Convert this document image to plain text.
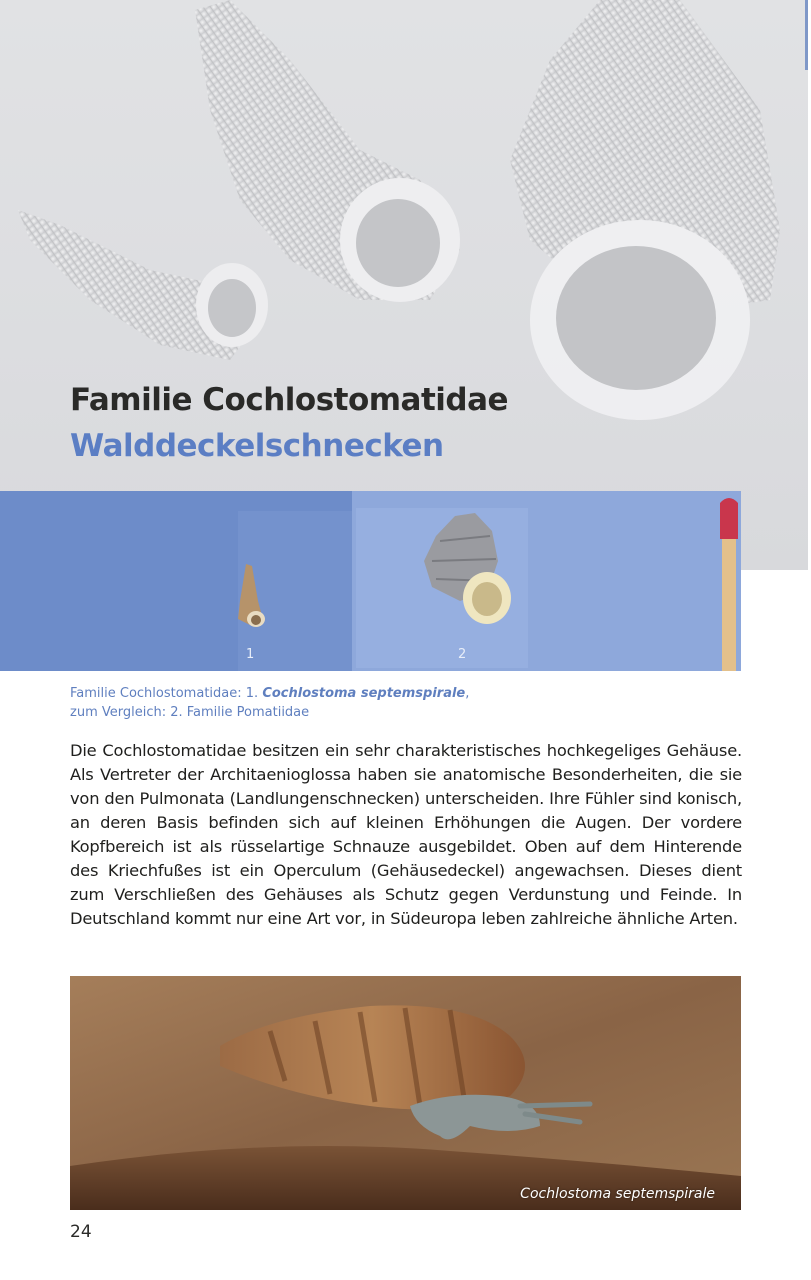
Familie Cochlostomatidae
Walddeckelschnecken
1	2
Familie Cochlostomatidae: 1. Cochlostoma septemspirale,
zum Vergleich: 2. Familie Pomatiidae

Die Cochlostomatidae besitzen ein sehr charakteristisches hochkegeliges Gehäuse. Als Vertreter der Architaenioglossa haben sie anatomische Besonderheiten, die sie von den Pulmonata (Landlungenschnecken) unterscheiden. Ihre Fühler sind konisch, an deren Basis befinden sich auf kleinen Erhöhungen die Augen. Der vordere Kopfbereich ist als rüsselartige Schnauze ausgebildet. Oben auf dem Hinterende des Kriechfußes ist ein Operculum (Gehäusedeckel) angewachsen. Dieses dient zum Verschließen des Gehäuses als Schutz gegen Verdunstung und Feinde. In Deutschland kommt nur eine Art vor, in Südeuropa leben zahlreiche ähnliche Arten.

Cochlostoma septemspirale
24
